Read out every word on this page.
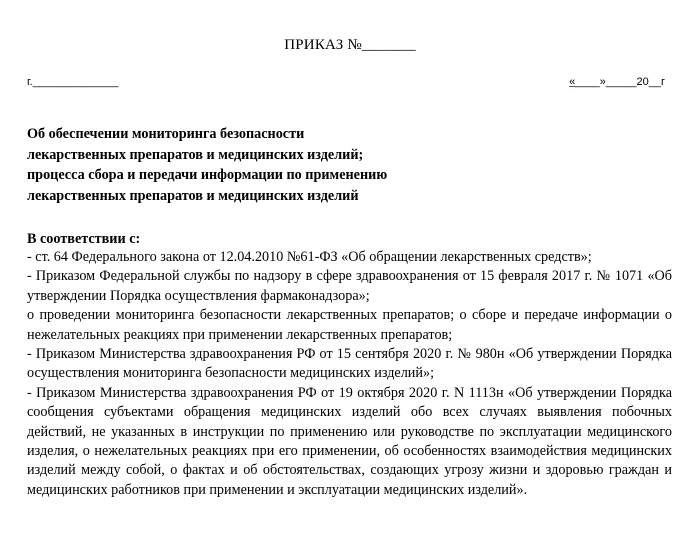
ПРИКАЗ №_______
г.______________	«____»_____20__г
Об обеспечении мониторинга безопасности
лекарственных препаратов и медицинских изделий;
процесса сбора и передачи информации по применению
лекарственных препаратов и медицинских изделий
В соответствии с:

- ст. 64 Федерального закона от 12.04.2010 №61-ФЗ «Об обращении лекарственных средств»;

- Приказом Федеральной службы по надзору в сфере здравоохранения от 15 февраля 2017 г. № 1071 «Об утверждении Порядка осуществления фармаконадзора»;

о проведении мониторинга безопасности лекарственных препаратов; о сборе и передаче информации о нежелательных реакциях при применении лекарственных препаратов;

- Приказом Министерства здравоохранения РФ от 15 сентября 2020 г. № 980н «Об утверждении Порядка осуществления мониторинга безопасности медицинских изделий»;

- Приказом Министерства здравоохранения РФ от 19 октября 2020 г. N 1113н «Об утверждении Порядка сообщения субъектами обращения медицинских изделий обо всех случаях выявления побочных действий, не указанных в инструкции по применению или руководстве по эксплуатации медицинского изделия, о нежелательных реакциях при его применении, об особенностях взаимодействия медицинских изделий между собой, о фактах и об обстоятельствах, создающих угрозу жизни и здоровью граждан и медицинских работников при применении и эксплуатации медицинских изделий».
